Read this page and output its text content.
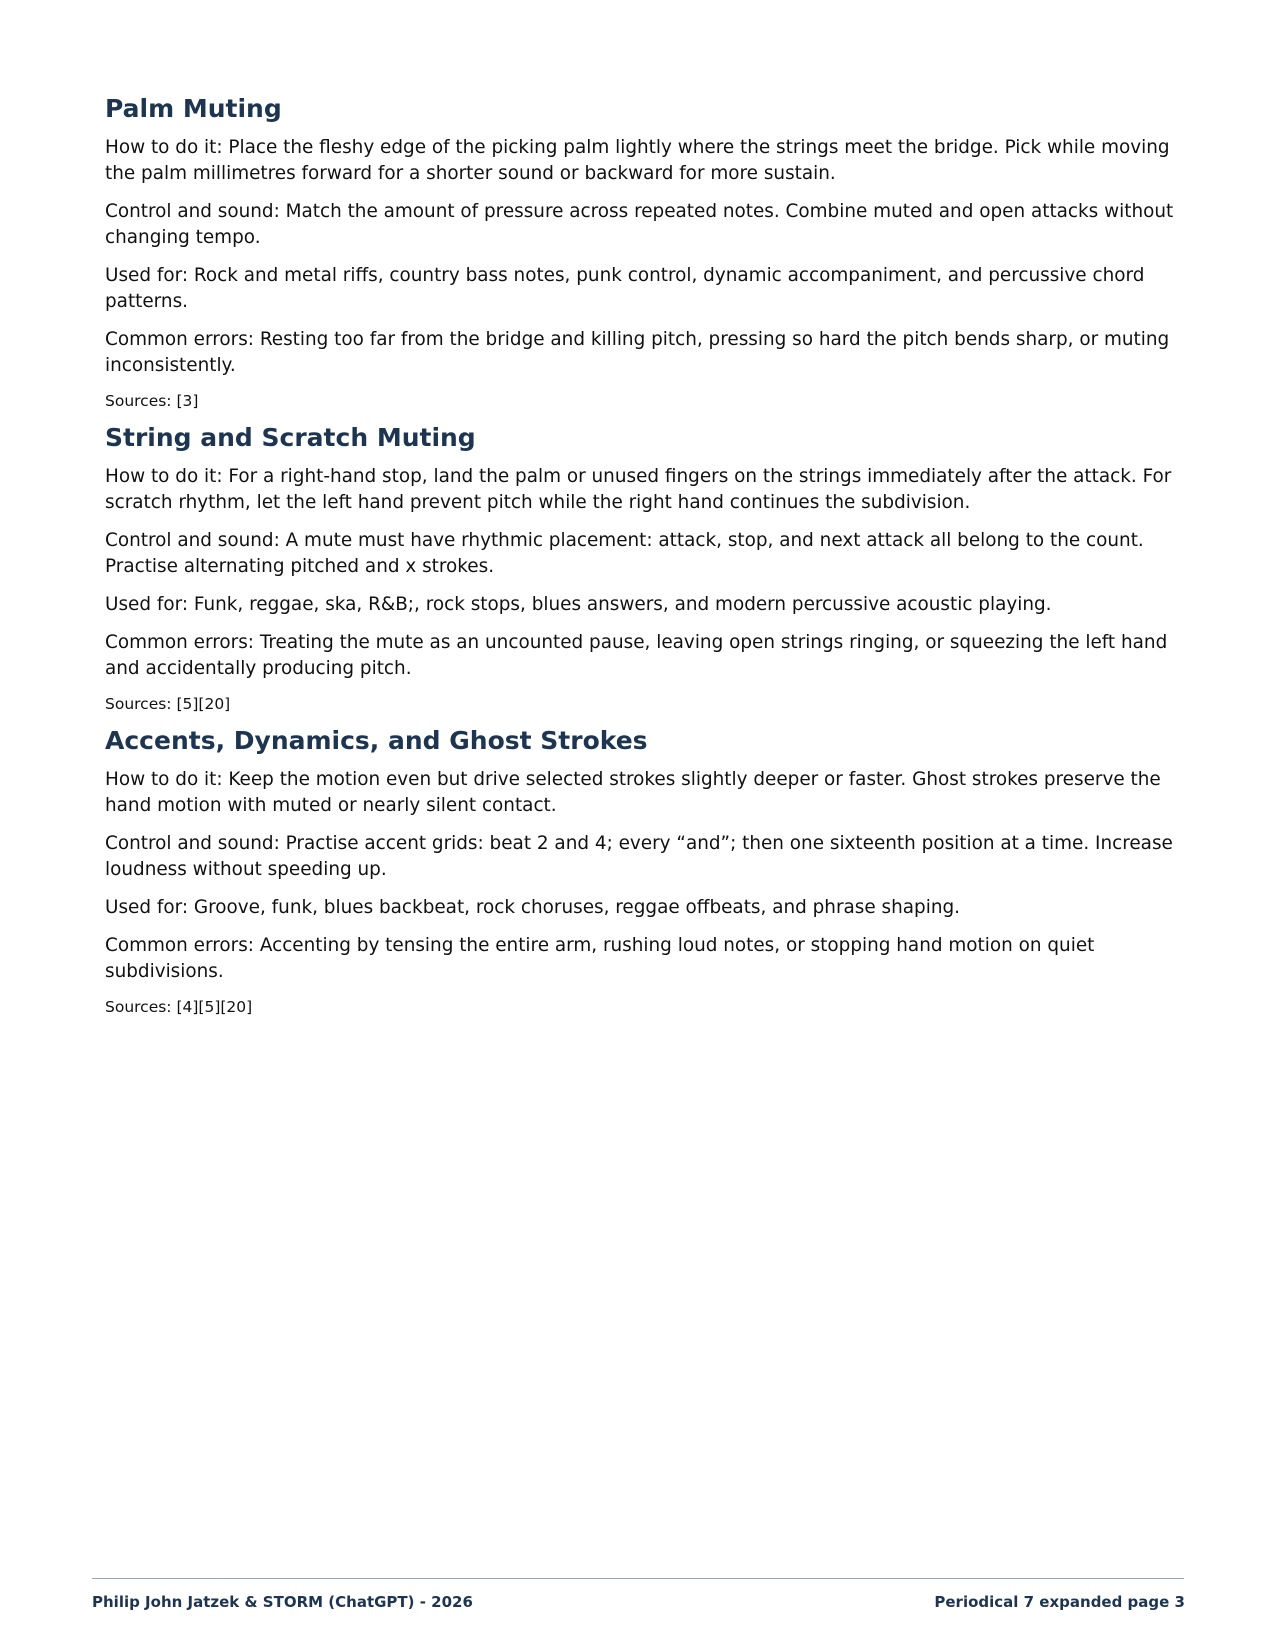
Palm Muting

How to do it: Place the fleshy edge of the picking palm lightly where the strings meet the bridge. Pick while moving the palm millimetres forward for a shorter sound or backward for more sustain.

Control and sound: Match the amount of pressure across repeated notes. Combine muted and open attacks without changing tempo.

Used for: Rock and metal riffs, country bass notes, punk control, dynamic accompaniment, and percussive chord patterns.

Common errors: Resting too far from the bridge and killing pitch, pressing so hard the pitch bends sharp, or muting inconsistently.

Sources: [3]

String and Scratch Muting

How to do it: For a right-hand stop, land the palm or unused fingers on the strings immediately after the attack. For scratch rhythm, let the left hand prevent pitch while the right hand continues the subdivision.

Control and sound: A mute must have rhythmic placement: attack, stop, and next attack all belong to the count. Practise alternating pitched and x strokes.

Used for: Funk, reggae, ska, R&B;, rock stops, blues answers, and modern percussive acoustic playing.

Common errors: Treating the mute as an uncounted pause, leaving open strings ringing, or squeezing the left hand and accidentally producing pitch.

Sources: [5][20]

Accents, Dynamics, and Ghost Strokes

How to do it: Keep the motion even but drive selected strokes slightly deeper or faster. Ghost strokes preserve the hand motion with muted or nearly silent contact.

Control and sound: Practise accent grids: beat 2 and 4; every “and”; then one sixteenth position at a time. Increase loudness without speeding up.

Used for: Groove, funk, blues backbeat, rock choruses, reggae offbeats, and phrase shaping.

Common errors: Accenting by tensing the entire arm, rushing loud notes, or stopping hand motion on quiet subdivisions.

Sources: [4][5][20]

Philip John Jatzek & STORM (ChatGPT) - 2026	Periodical 7 expanded page 3
